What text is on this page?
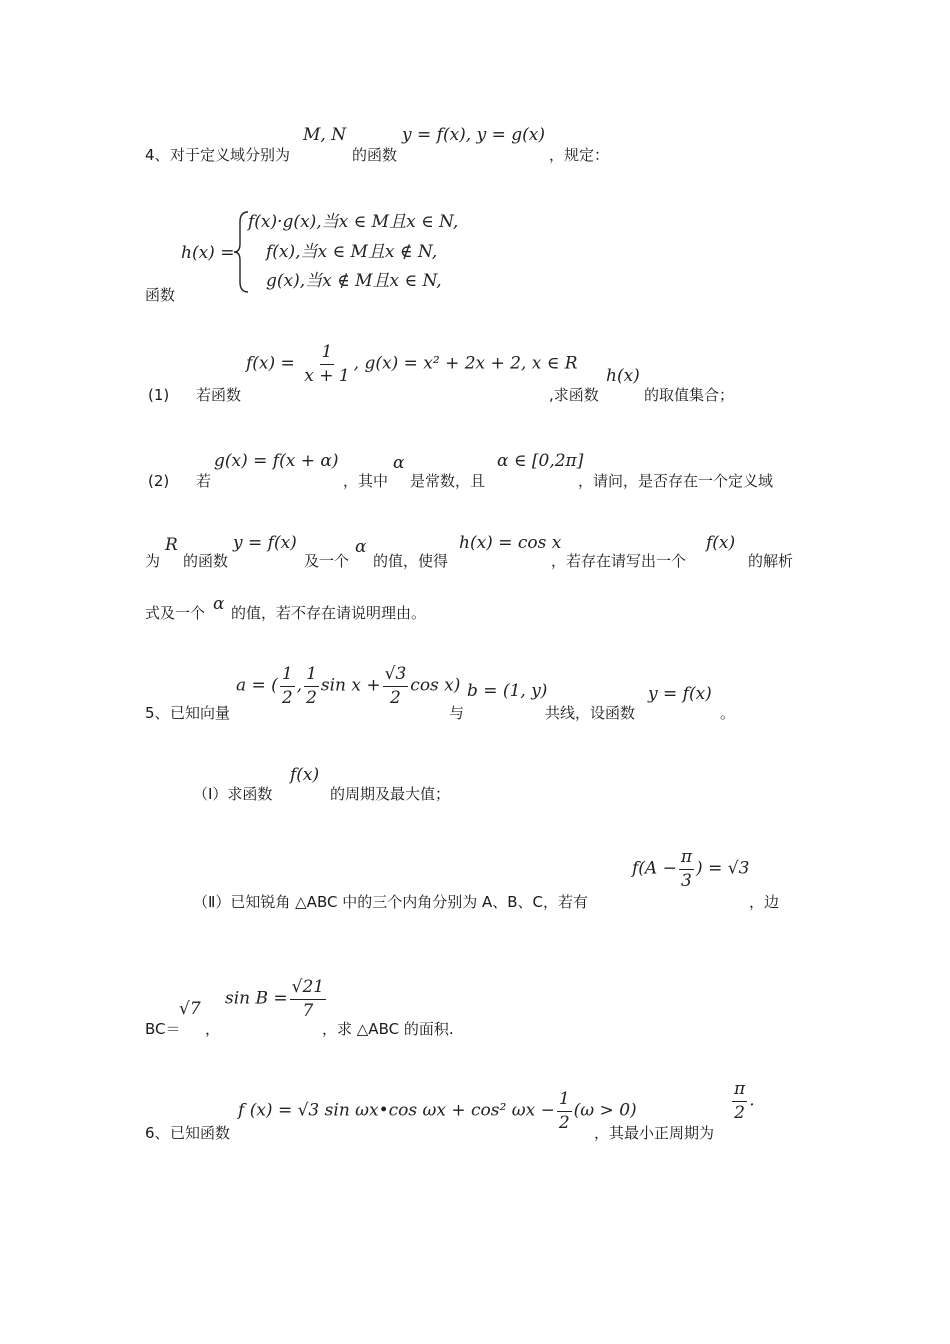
M, N	y = f(x), y = g(x)
4、 对于定义域分别为	的函数	，规定：
h(x) =
f(x)·g(x),当x ∈ M且x ∈ N,
f(x),当x ∈ M且x ∉ N,
g(x),当x ∉ M且x ∈ N,
函数
$f(x) = \frac{1}{x + 1}$ , g(x) = x² + 2x + 2, x ∈ R
h(x)
(1) 若函数	,求函数	的取值集合；
g(x) = f(x + α)	α	α ∈ [0,2π]
(2) 若	，其中 是常数，且	，请问，是否存在一个定义域
R	y = f(x)	α	h(x) = cos x	f(x)
为 的函数	及一个 的值，使得	，若存在请写出一个	的解析
α
式及一个 的值，若不存在请说明理由。
a = ( $\frac{1}{2}$ , $\frac{1}{2}$ $\sin x + \frac{√3}{2}$ cos x) b = (1, y)	y = f(x)
5、 已知向量	与	共线，设函数	。
f(x)
（Ⅰ）求函数	的周期及最大值；
$f(A - \frac{\pi}{3}$ ) = √3
（Ⅱ）已知锐角 △ABC 中的三个内角分别为 A、B、C，若有	，边
√7
$\sin B = \frac{√21}{7}$
BC＝ ，	，求 △ABC 的面积.
f (x) = √3 sin ωx•cos ωx + cos² $\omega x - \frac{1}{2} (\omega > 0)$	$\frac{\pi}{2}$ .
6、 已知函数	，其最小正周期为
